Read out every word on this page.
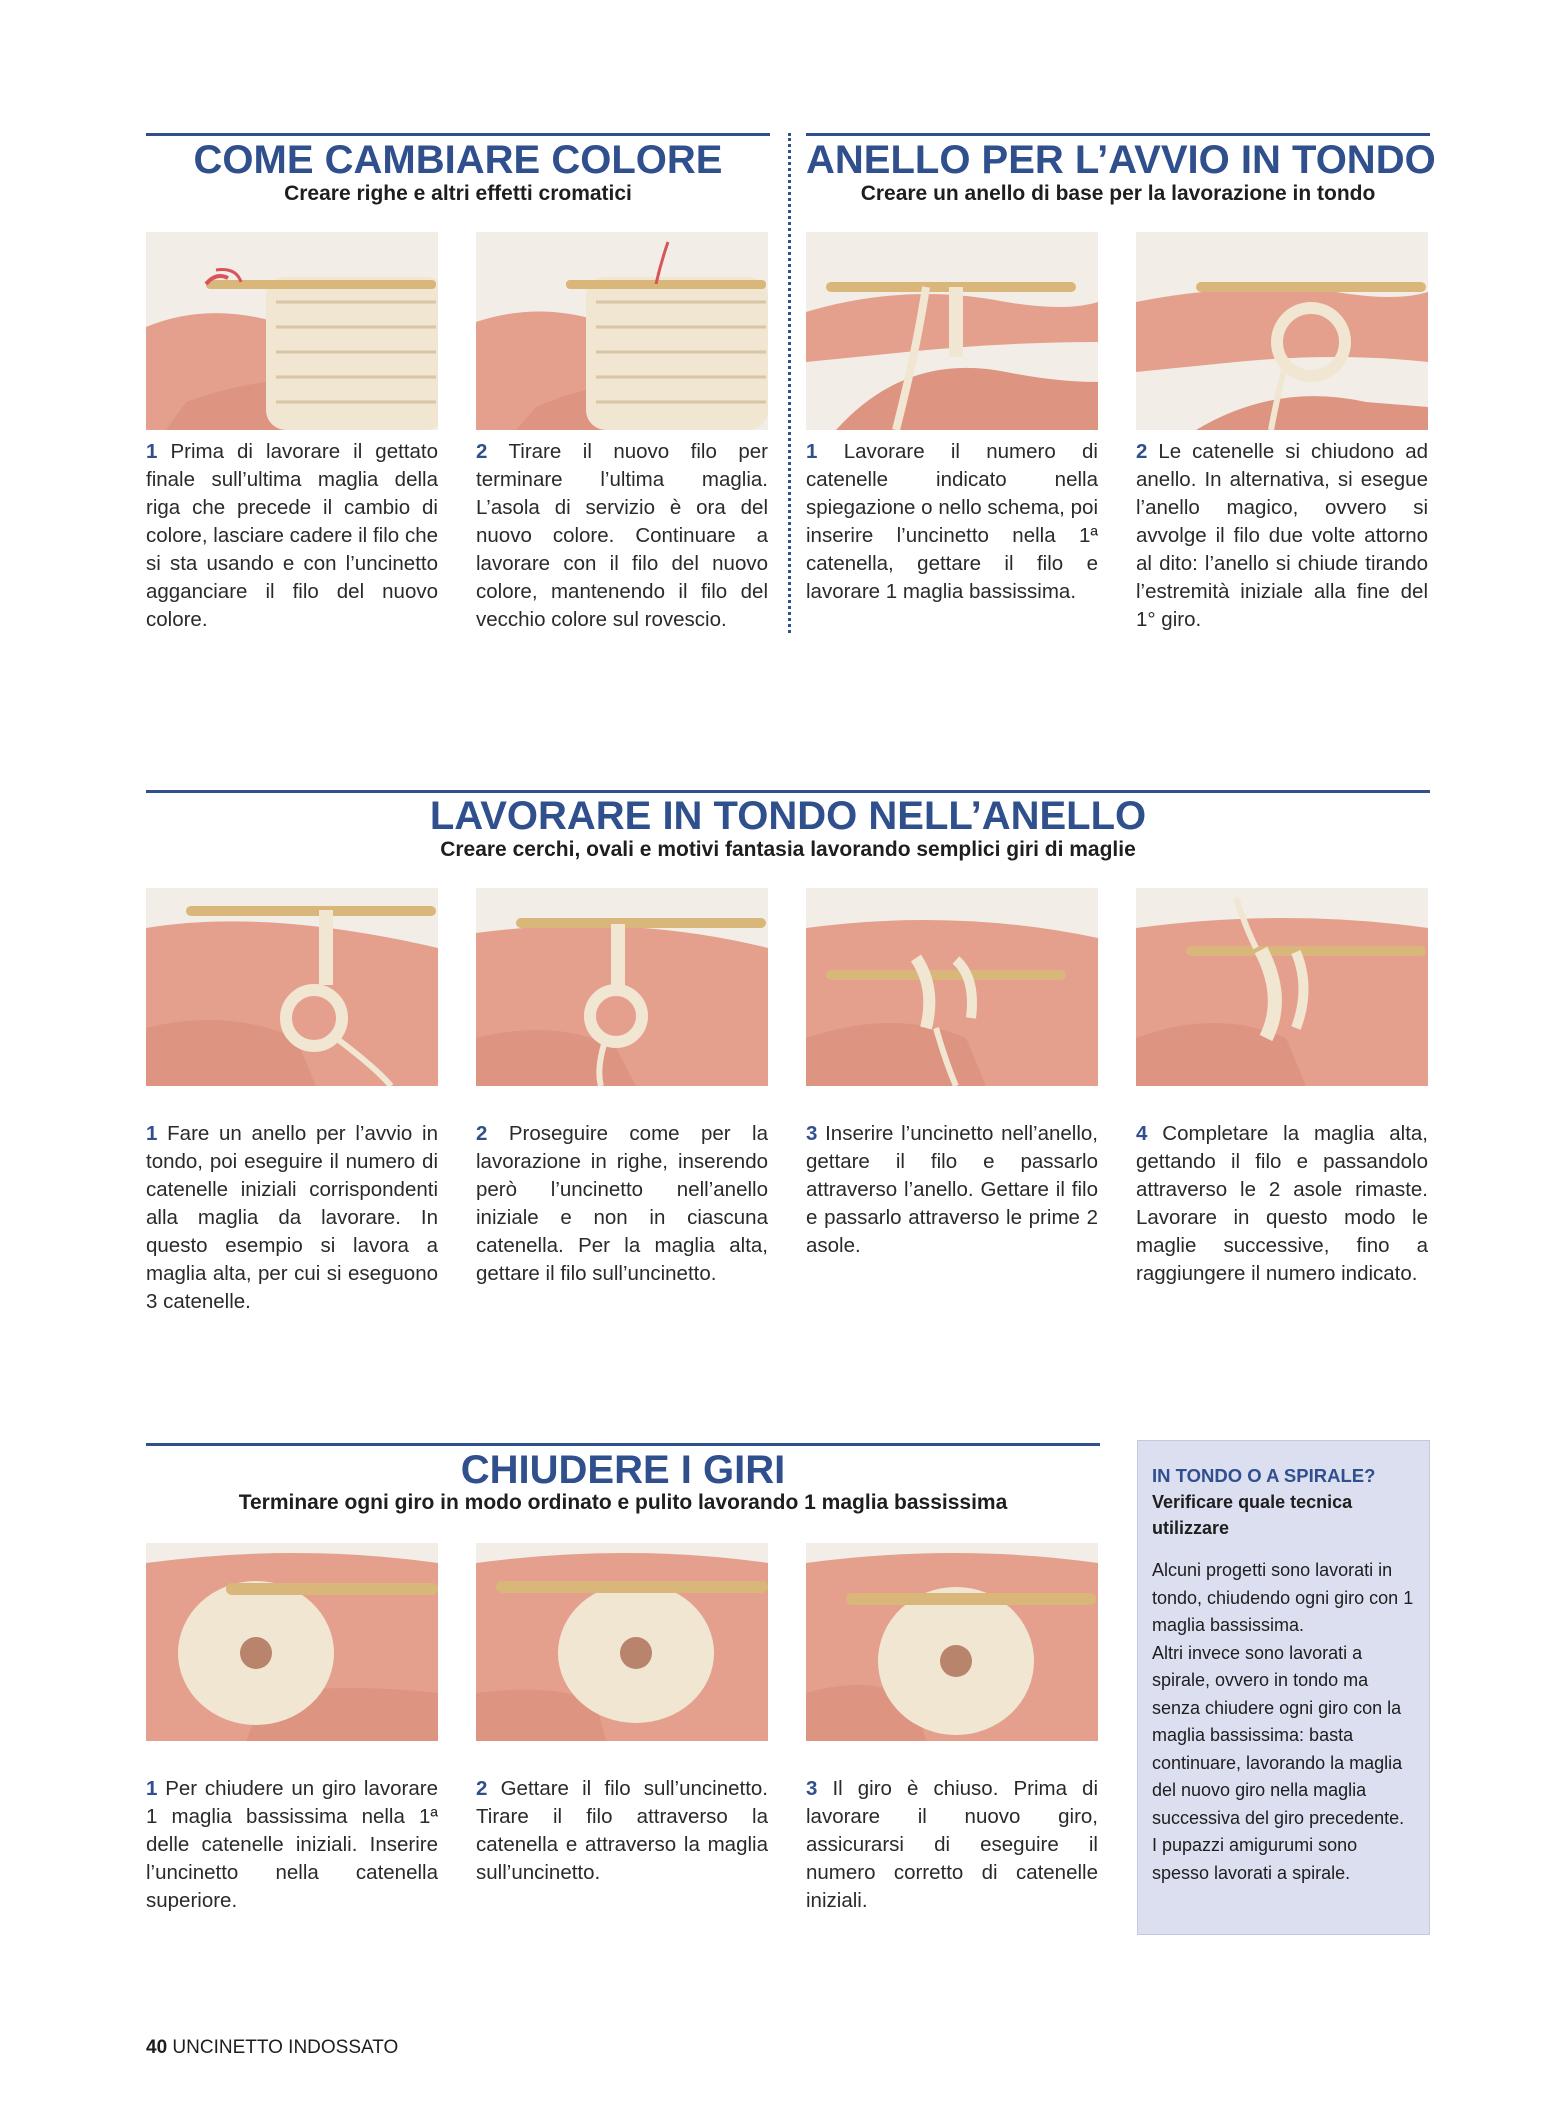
COME CAMBIARE COLORE
Creare righe e altri effetti cromatici
ANELLO PER L’AVVIO IN TONDO
Creare un anello di base per la lavorazione in tondo
1 Prima di lavorare il gettato finale sull’ultima maglia della riga che precede il cambio di colore, lasciare cadere il filo che si sta usando e con l’uncinetto agganciare il filo del nuovo colore.
2 Tirare il nuovo filo per terminare l’ultima maglia. L’asola di servizio è ora del nuovo colore. Continuare a lavorare con il filo del nuovo colore, mantenendo il filo del vecchio colore sul rovescio.
1 Lavorare il numero di catenelle indicato nella spiegazione o nello schema, poi inserire l’uncinetto nella 1ª catenella, gettare il filo e lavorare 1 maglia bassissima.
2 Le catenelle si chiudono ad anello. In alternativa, si esegue l’anello magico, ovvero si avvolge il filo due volte attorno al dito: l’anello si chiude tirando l’estremità iniziale alla fine del 1° giro.
LAVORARE IN TONDO NELL’ANELLO
Creare cerchi, ovali e motivi fantasia lavorando semplici giri di maglie
1 Fare un anello per l’avvio in tondo, poi eseguire il numero di catenelle iniziali corrispondenti alla maglia da lavorare. In questo esempio si lavora a maglia alta, per cui si eseguono 3 catenelle.
2 Proseguire come per la lavorazione in righe, inserendo però l’uncinetto nell’anello iniziale e non in ciascuna catenella. Per la maglia alta, gettare il filo sull’uncinetto.
3 Inserire l’uncinetto nell’anello, gettare il filo e passarlo attraverso l’anello. Gettare il filo e passarlo attraverso le prime 2 asole.
4 Completare la maglia alta, gettando il filo e passandolo attraverso le 2 asole rimaste. Lavorare in questo modo le maglie successive, fino a raggiungere il numero indicato.
CHIUDERE I GIRI
Terminare ogni giro in modo ordinato e pulito lavorando 1 maglia bassissima
1 Per chiudere un giro lavorare 1 maglia bassissima nella 1ª delle catenelle iniziali. Inserire l’uncinetto nella catenella superiore.
2 Gettare il filo sull’uncinetto. Tirare il filo attraverso la catenella e attraverso la maglia sull’uncinetto.
3 Il giro è chiuso. Prima di lavorare il nuovo giro, assicurarsi di eseguire il numero corretto di catenelle iniziali.
IN TONDO O A SPIRALE?
Verificare quale tecnica utilizzare
Alcuni progetti sono lavorati in tondo, chiudendo ogni giro con 1 maglia bassissima.
Altri invece sono lavorati a spirale, ovvero in tondo ma senza chiudere ogni giro con la maglia bassissima: basta continuare, lavorando la maglia del nuovo giro nella maglia successiva del giro precedente.
I pupazzi amigurumi sono spesso lavorati a spirale.
40 UNCINETTO INDOSSATO
